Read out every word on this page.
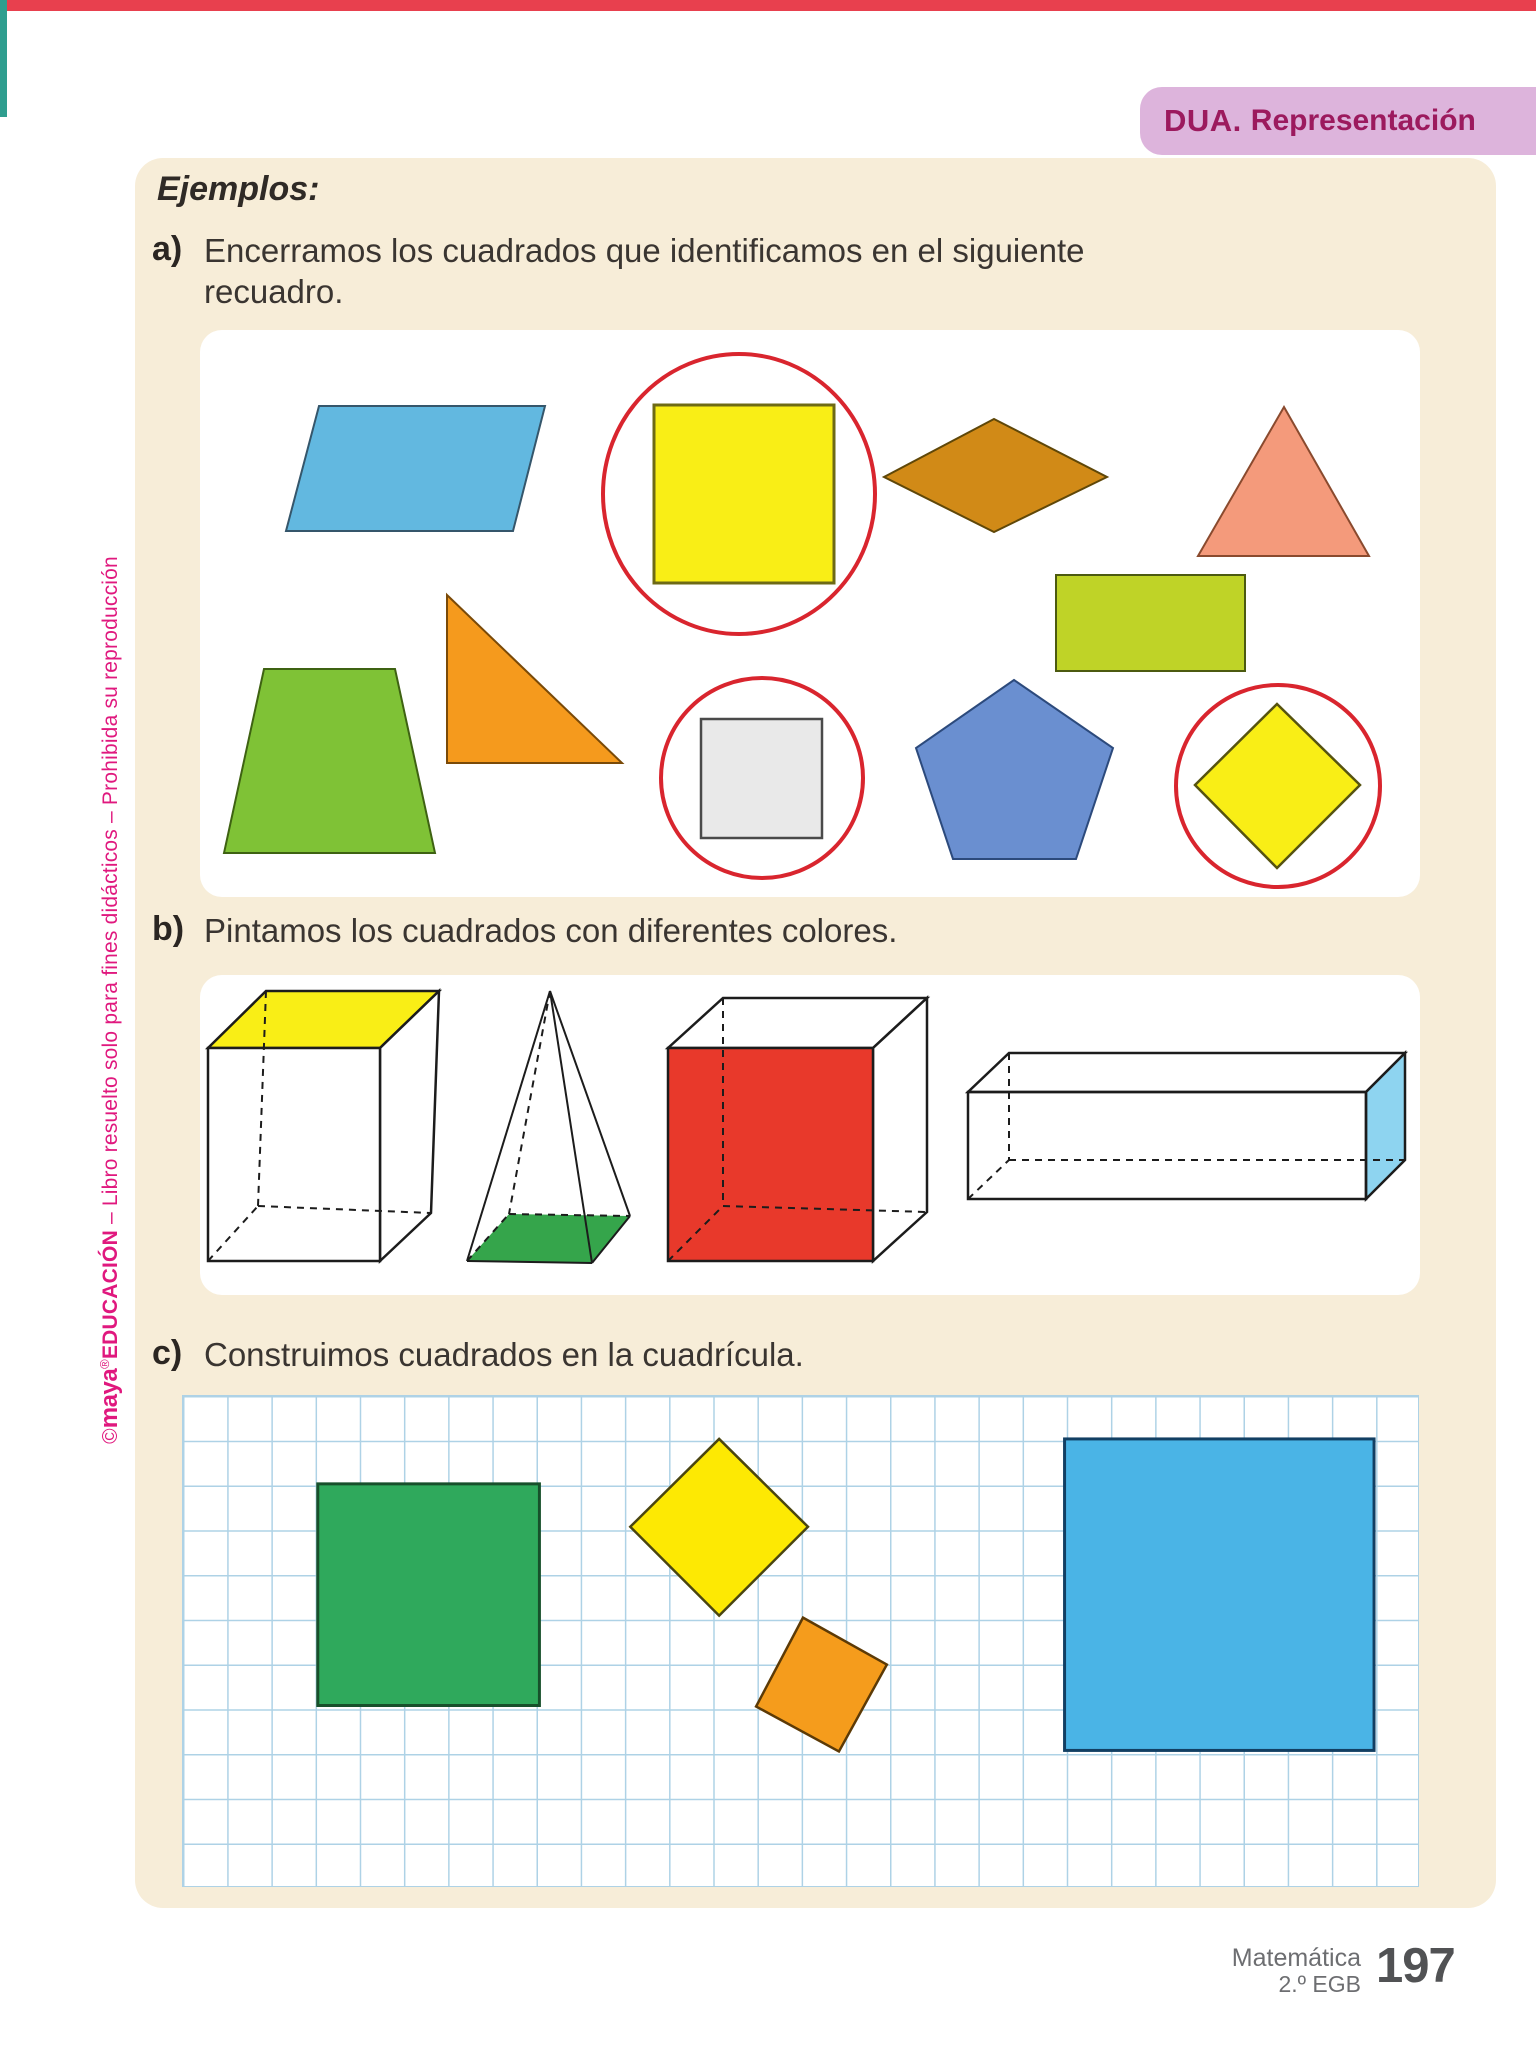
DUA. Representación
©maya®EDUCACIÓN – Libro resuelto solo para fines didácticos – Prohibida su reproducción
Ejemplos:
a) Encerramos los cuadrados que identificamos en el siguiente recuadro.
b) Pintamos los cuadrados con diferentes colores.
c) Construimos cuadrados en la cuadrícula.
Matemática
2.º EGB 197
